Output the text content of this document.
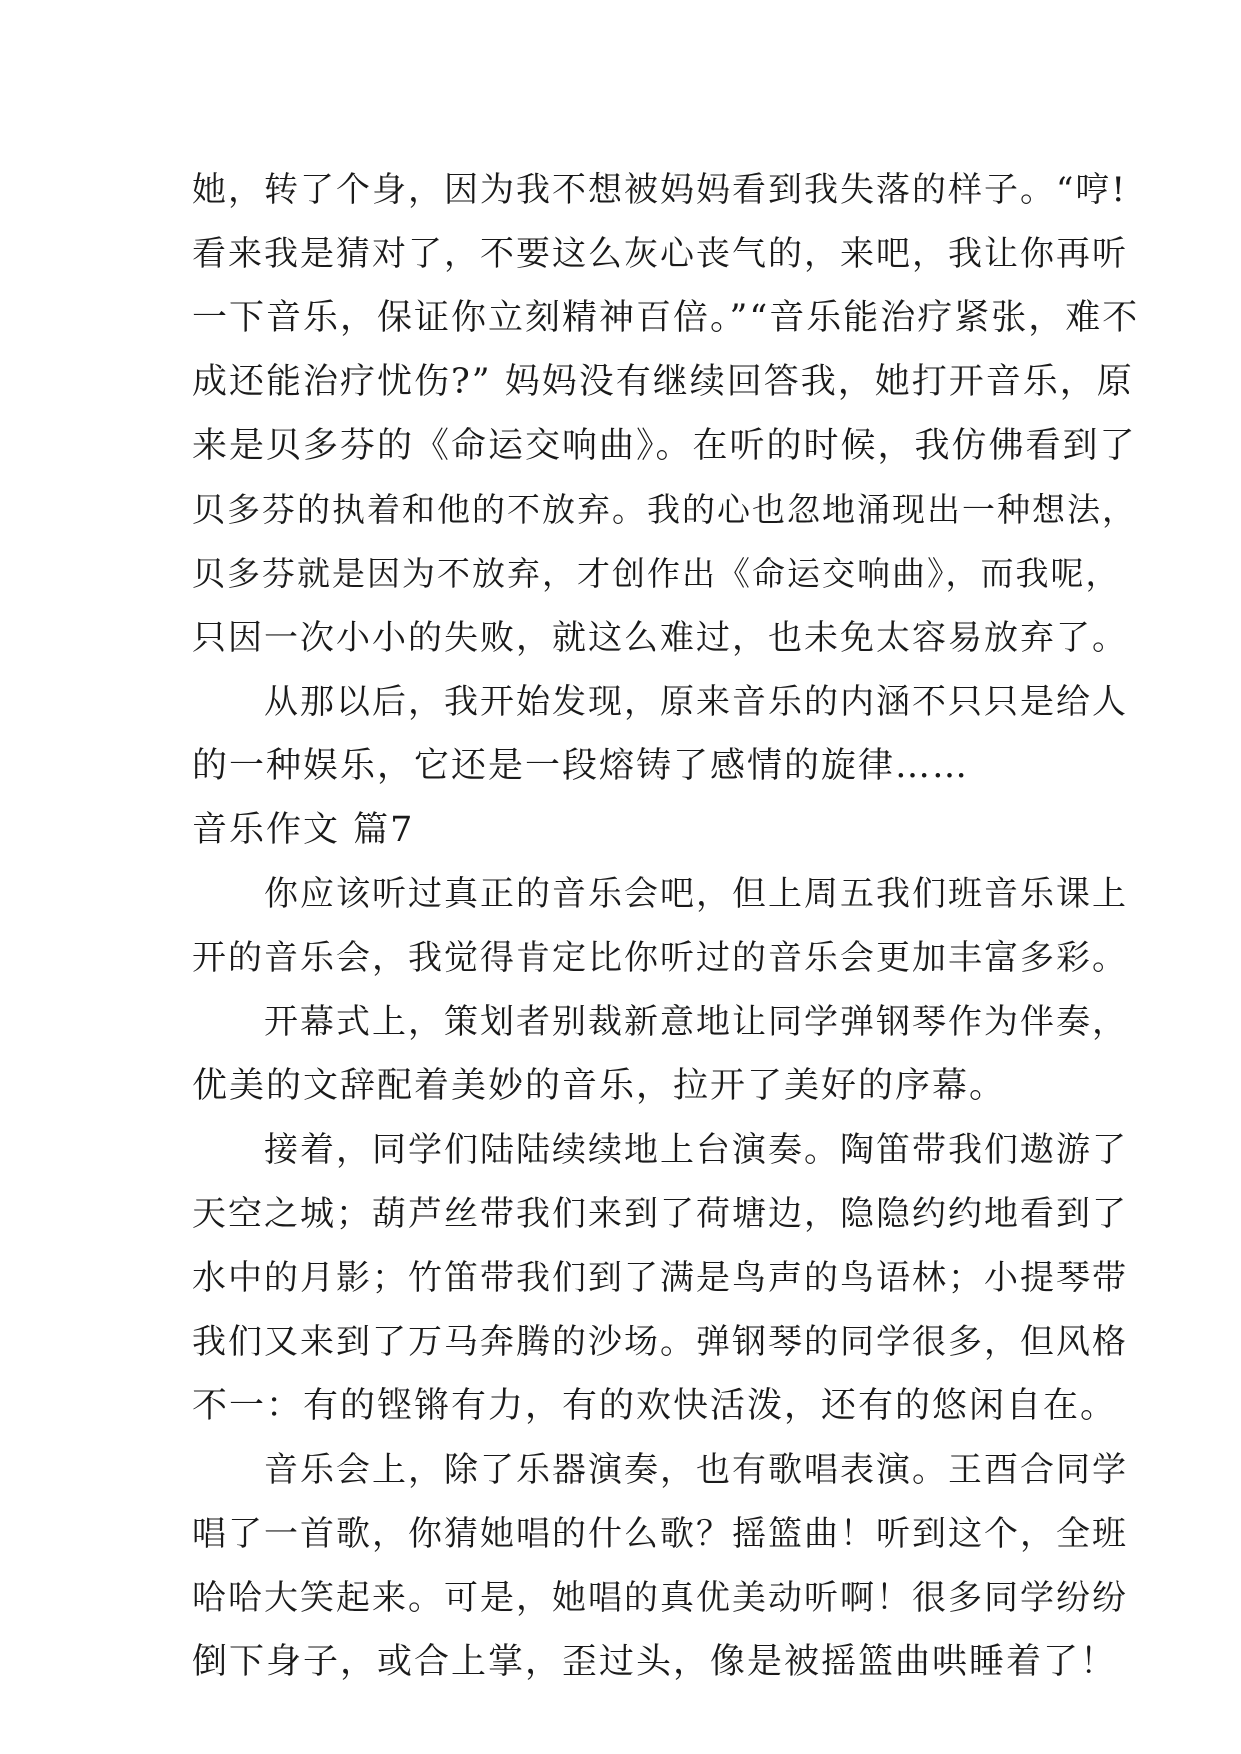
她，转了个身，因为我不想被妈妈看到我失落的样子。“哼!
看来我是猜对了，不要这么灰心丧气的，来吧，我让你再听
一下音乐，保证你立刻精神百倍。”“音乐能治疗紧张，难不
成还能治疗忧伤?” 妈妈没有继续回答我，她打开音乐，原
来是贝多芬的《命运交响曲》。在听的时候，我仿佛看到了
贝多芬的执着和他的不放弃。我的心也忽地涌现出一种想法，
贝多芬就是因为不放弃，才创作出《命运交响曲》，而我呢，
只因一次小小的失败，就这么难过，也未免太容易放弃了。
　　从那以后，我开始发现，原来音乐的内涵不只只是给人
的一种娱乐，它还是一段熔铸了感情的旋律……
音乐作文 篇7
　　你应该听过真正的音乐会吧，但上周五我们班音乐课上
开的音乐会，我觉得肯定比你听过的音乐会更加丰富多彩。
　　开幕式上，策划者别裁新意地让同学弹钢琴作为伴奏，
优美的文辞配着美妙的音乐，拉开了美好的序幕。
　　接着，同学们陆陆续续地上台演奏。陶笛带我们遨游了
天空之城；葫芦丝带我们来到了荷塘边，隐隐约约地看到了
水中的月影；竹笛带我们到了满是鸟声的鸟语林；小提琴带
我们又来到了万马奔腾的沙场。弹钢琴的同学很多，但风格
不一：有的铿锵有力，有的欢快活泼，还有的悠闲自在。
　　音乐会上，除了乐器演奏，也有歌唱表演。王酉合同学
唱了一首歌，你猜她唱的什么歌？摇篮曲！听到这个，全班
哈哈大笑起来。可是，她唱的真优美动听啊！很多同学纷纷
倒下身子，或合上掌，歪过头，像是被摇篮曲哄睡着了！
